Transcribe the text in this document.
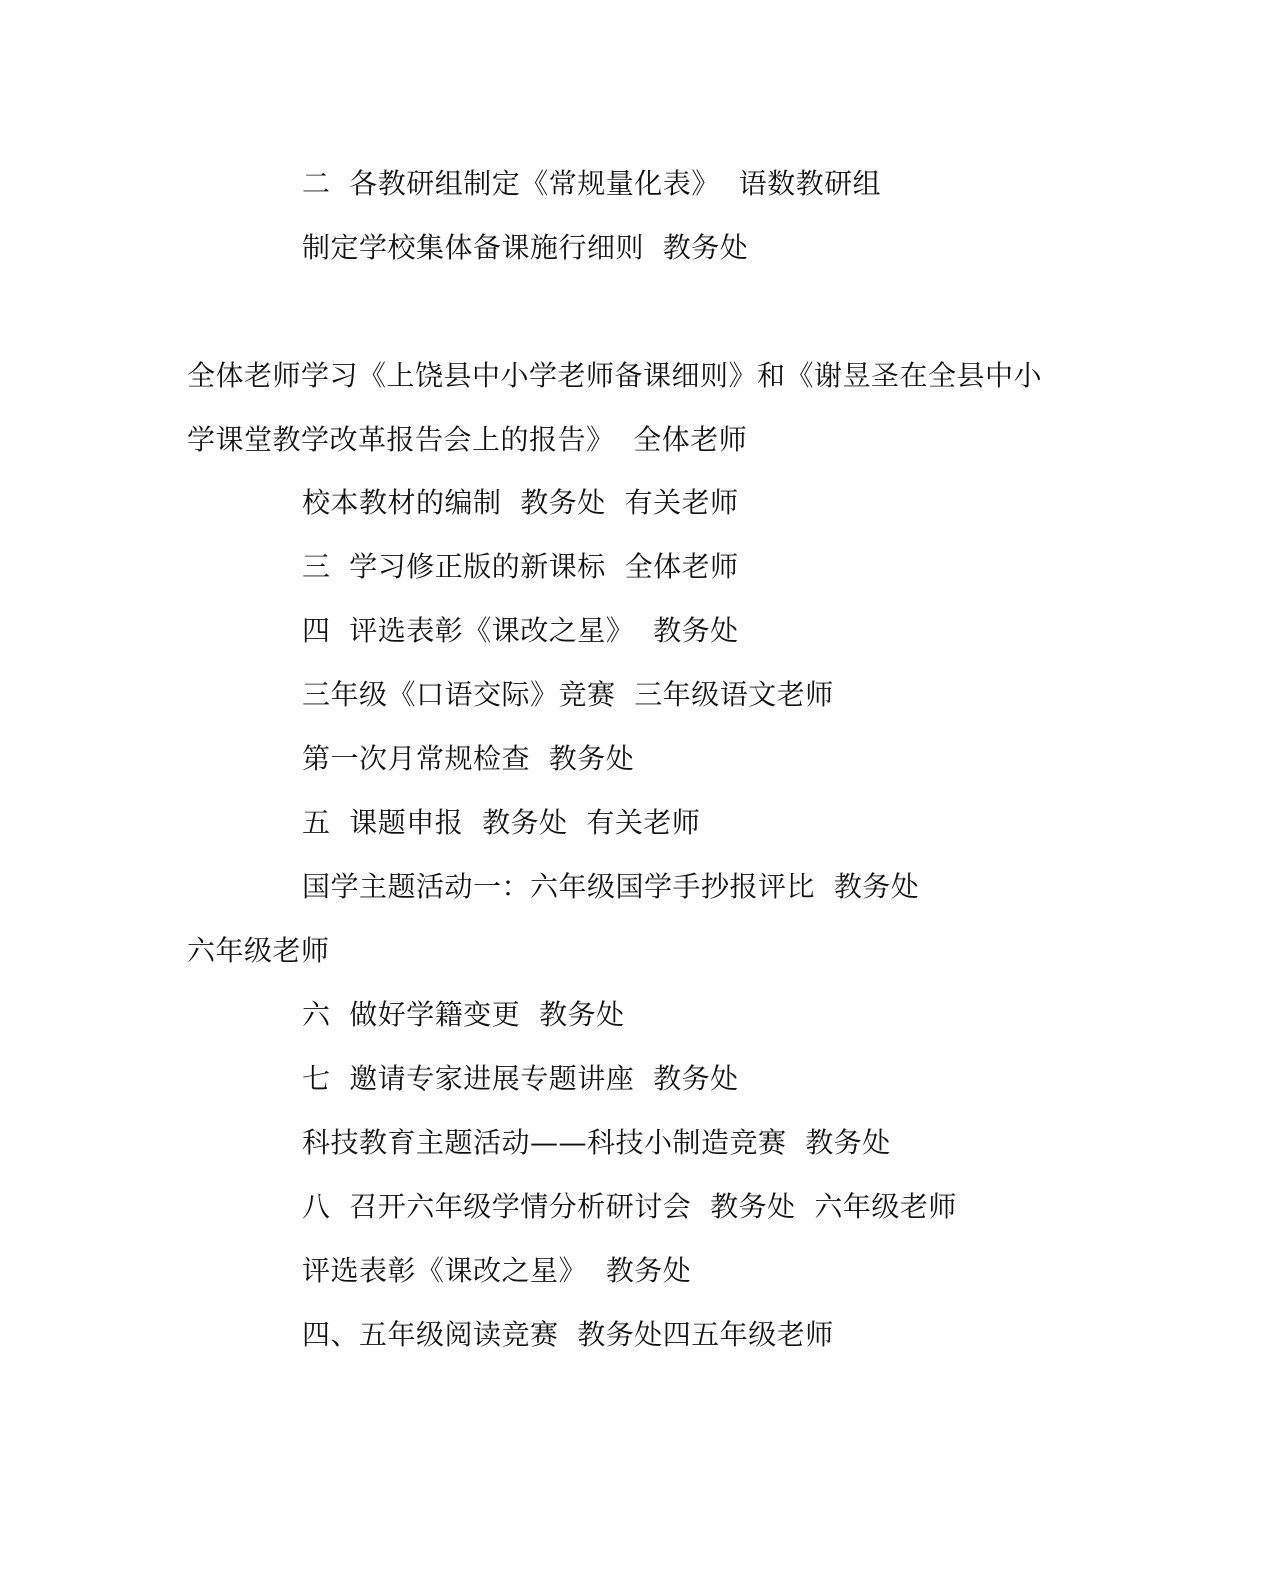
二  各教研组制定《常规量化表》  语数教研组
制定学校集体备课施行细则  教务处
全体老师学习《上饶县中小学老师备课细则》和《谢昱圣在全县中小
学课堂教学改革报告会上的报告》  全体老师
校本教材的编制  教务处  有关老师
三  学习修正版的新课标  全体老师
四  评选表彰《课改之星》  教务处
三年级《口语交际》竞赛  三年级语文老师
第一次月常规检查  教务处
五  课题申报  教务处  有关老师
国学主题活动一：六年级国学手抄报评比  教务处
六年级老师
六  做好学籍变更  教务处
七  邀请专家进展专题讲座  教务处
科技教育主题活动——科技小制造竞赛  教务处
八  召开六年级学情分析研讨会  教务处  六年级老师
评选表彰《课改之星》  教务处
四、五年级阅读竞赛  教务处四五年级老师
